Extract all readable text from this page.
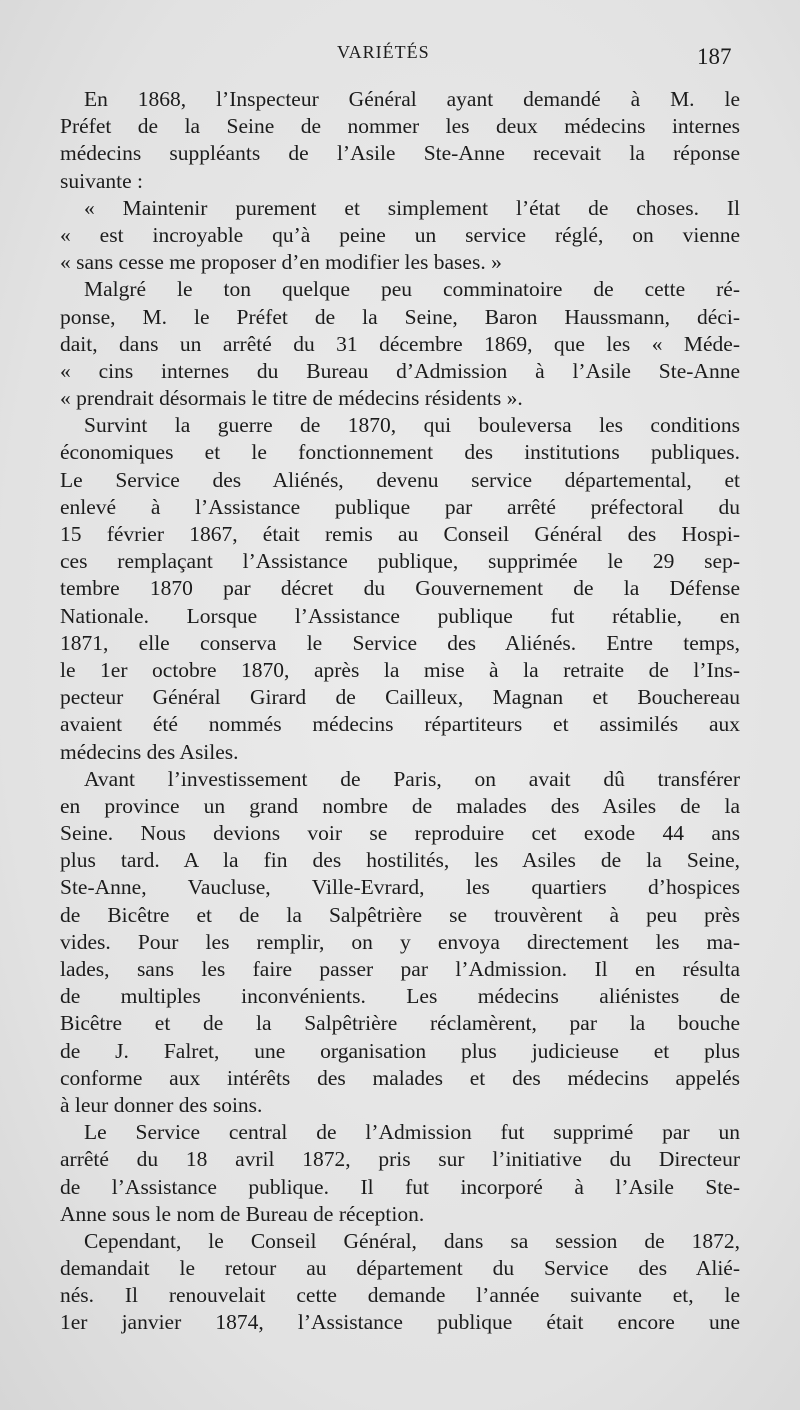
VARIÉTÉS	187
En 1868, l’Inspecteur Général ayant demandé à M. le
Préfet de la Seine de nommer les deux médecins internes
médecins suppléants de l’Asile Ste-Anne recevait la réponse
suivante :
« Maintenir purement et simplement l’état de choses. Il
« est incroyable qu’à peine un service réglé, on vienne
« sans cesse me proposer d’en modifier les bases. »
Malgré le ton quelque peu comminatoire de cette ré-
ponse, M. le Préfet de la Seine, Baron Haussmann, déci-
dait, dans un arrêté du 31 décembre 1869, que les « Méde-
« cins internes du Bureau d’Admission à l’Asile Ste-Anne
« prendrait désormais le titre de médecins résidents ».
Survint la guerre de 1870, qui bouleversa les conditions
économiques et le fonctionnement des institutions publiques.
Le Service des Aliénés, devenu service départemental, et
enlevé à l’Assistance publique par arrêté préfectoral du
15 février 1867, était remis au Conseil Général des Hospi-
ces remplaçant l’Assistance publique, supprimée le 29 sep-
tembre 1870 par décret du Gouvernement de la Défense
Nationale. Lorsque l’Assistance publique fut rétablie, en
1871, elle conserva le Service des Aliénés. Entre temps,
le 1er octobre 1870, après la mise à la retraite de l’Ins-
pecteur Général Girard de Cailleux, Magnan et Bouchereau
avaient été nommés médecins répartiteurs et assimilés aux
médecins des Asiles.
Avant l’investissement de Paris, on avait dû transférer
en province un grand nombre de malades des Asiles de la
Seine. Nous devions voir se reproduire cet exode 44 ans
plus tard. A la fin des hostilités, les Asiles de la Seine,
Ste-Anne, Vaucluse, Ville-Evrard, les quartiers d’hospices
de Bicêtre et de la Salpêtrière se trouvèrent à peu près
vides. Pour les remplir, on y envoya directement les ma-
lades, sans les faire passer par l’Admission. Il en résulta
de multiples inconvénients. Les médecins aliénistes de
Bicêtre et de la Salpêtrière réclamèrent, par la bouche
de J. Falret, une organisation plus judicieuse et plus
conforme aux intérêts des malades et des médecins appelés
à leur donner des soins.
Le Service central de l’Admission fut supprimé par un
arrêté du 18 avril 1872, pris sur l’initiative du Directeur
de l’Assistance publique. Il fut incorporé à l’Asile Ste-
Anne sous le nom de Bureau de réception.
Cependant, le Conseil Général, dans sa session de 1872,
demandait le retour au département du Service des Alié-
nés. Il renouvelait cette demande l’année suivante et, le
1er janvier 1874, l’Assistance publique était encore une
